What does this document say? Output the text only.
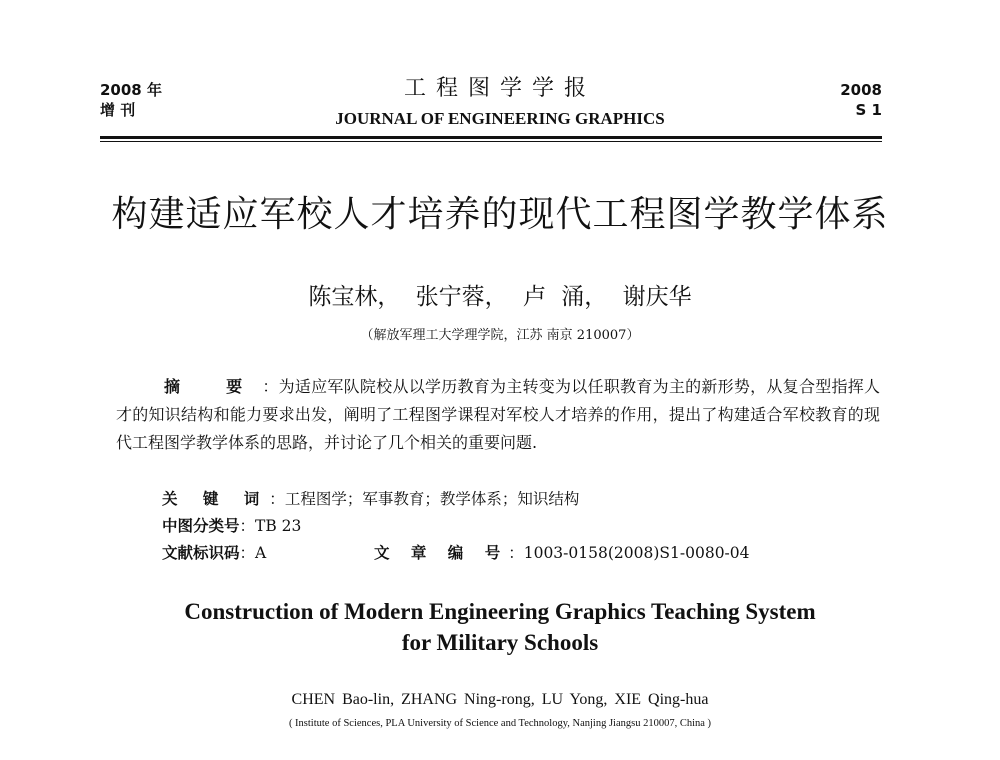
2008 年
增 刊
工程图学学报
JOURNAL OF ENGINEERING GRAPHICS
2008
S 1
构建适应军校人才培养的现代工程图学教学体系
陈宝林， 张宁蓉， 卢 涌， 谢庆华
（解放军理工大学理学院，江苏 南京 210007）
摘 要：为适应军队院校从以学历教育为主转变为以任职教育为主的新形势，从复合型指挥人才的知识结构和能力要求出发，阐明了工程图学课程对军校人才培养的作用，提出了构建适合军校教育的现代工程图学教学体系的思路，并讨论了几个相关的重要问题.
关 键 词：工程图学；军事教育；教学体系；知识结构
中图分类号：TB 23
文献标识码：A	文 章 编 号：1003-0158(2008)S1-0080-04
Construction of Modern Engineering Graphics Teaching System
for Military Schools
CHEN Bao-lin, ZHANG Ning-rong, LU Yong, XIE Qing-hua
( Institute of Sciences, PLA University of Science and Technology, Nanjing Jiangsu 210007, China )
